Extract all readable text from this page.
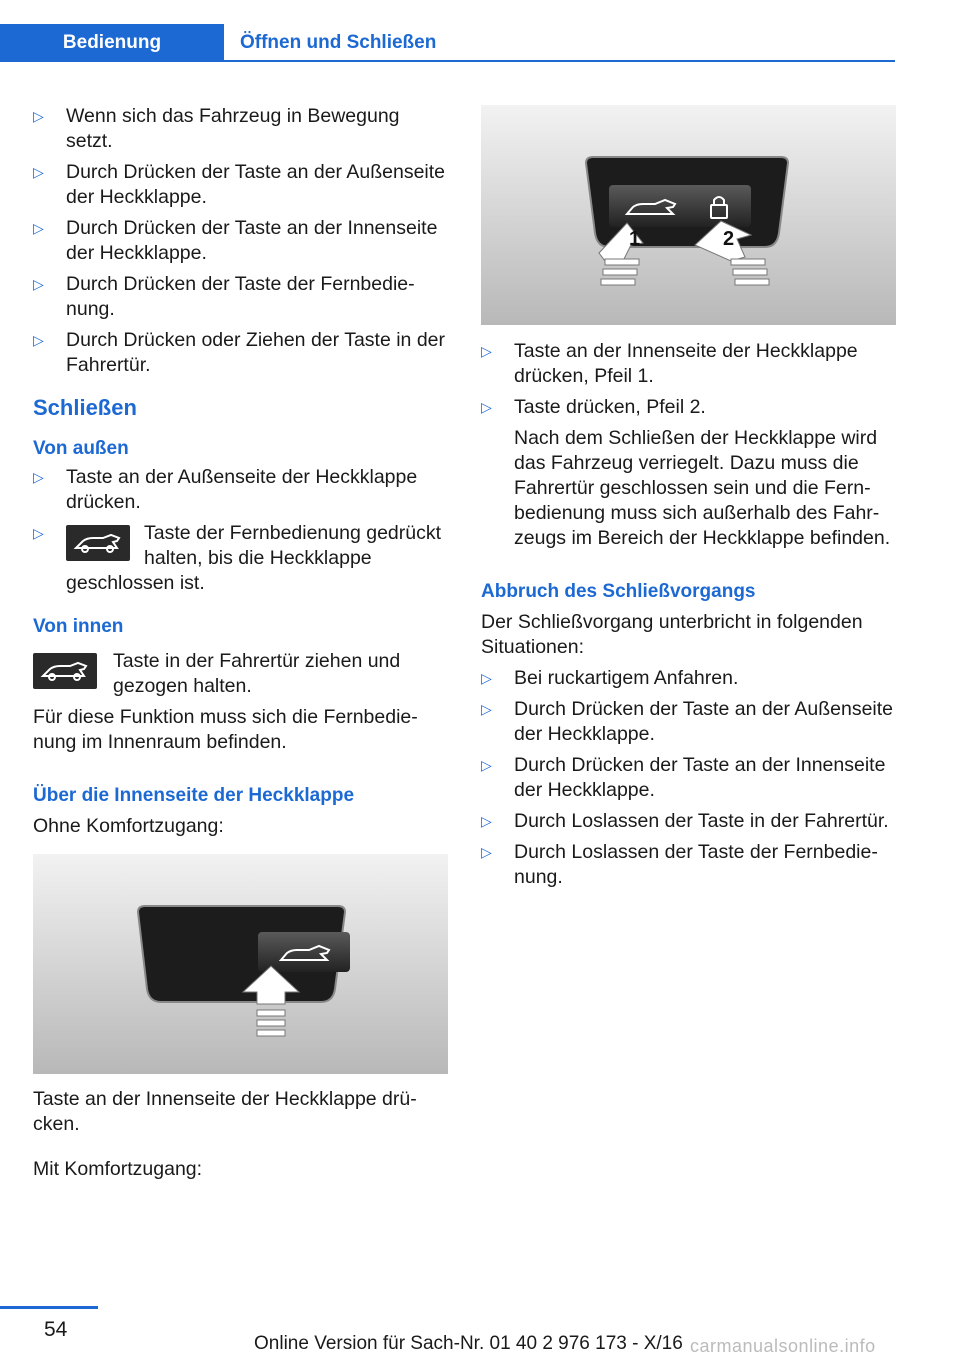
Bedienung	Öffnen und Schließen
▷ Wenn sich das Fahrzeug in Bewegung setzt.
▷ Durch Drücken der Taste an der Außenseite der Heckklappe.
▷ Durch Drücken der Taste an der Innenseite der Heckklappe.
▷ Durch Drücken der Taste der Fernbedienung.
▷ Durch Drücken oder Ziehen der Taste in der Fahrertür.
Schließen
Von außen
▷ Taste an der Außenseite der Heckklappe drücken.
▷	Taste der Fernbedienung gedrückt halten, bis die Heckklappe geschlossen ist.
Von innen

Taste in der Fahrertür ziehen und gezogen halten.

Für diese Funktion muss sich die Fernbedienung im Innenraum befinden.

Über die Innenseite der Heckklappe

Ohne Komfortzugang:

Taste an der Innenseite der Heckklappe drücken.

Mit Komfortzugang:

1	2
▷ Taste an der Innenseite der Heckklappe drücken, Pfeil 1.
▷ Taste drücken, Pfeil 2.
Nach dem Schließen der Heckklappe wird das Fahrzeug verriegelt. Dazu muss die Fahrertür geschlossen sein und die Fernbedienung muss sich außerhalb des Fahrzeugs im Bereich der Heckklappe befinden.
Abbruch des Schließvorgangs

Der Schließvorgang unterbricht in folgenden Situationen:

▷ Bei ruckartigem Anfahren.
▷ Durch Drücken der Taste an der Außenseite der Heckklappe.
▷ Durch Drücken der Taste an der Innenseite der Heckklappe.
▷ Durch Loslassen der Taste in der Fahrertür.
▷ Durch Loslassen der Taste der Fernbedienung.
54
Online Version für Sach-Nr. 01 40 2 976 173 - X/16 carmanualsonline.info
